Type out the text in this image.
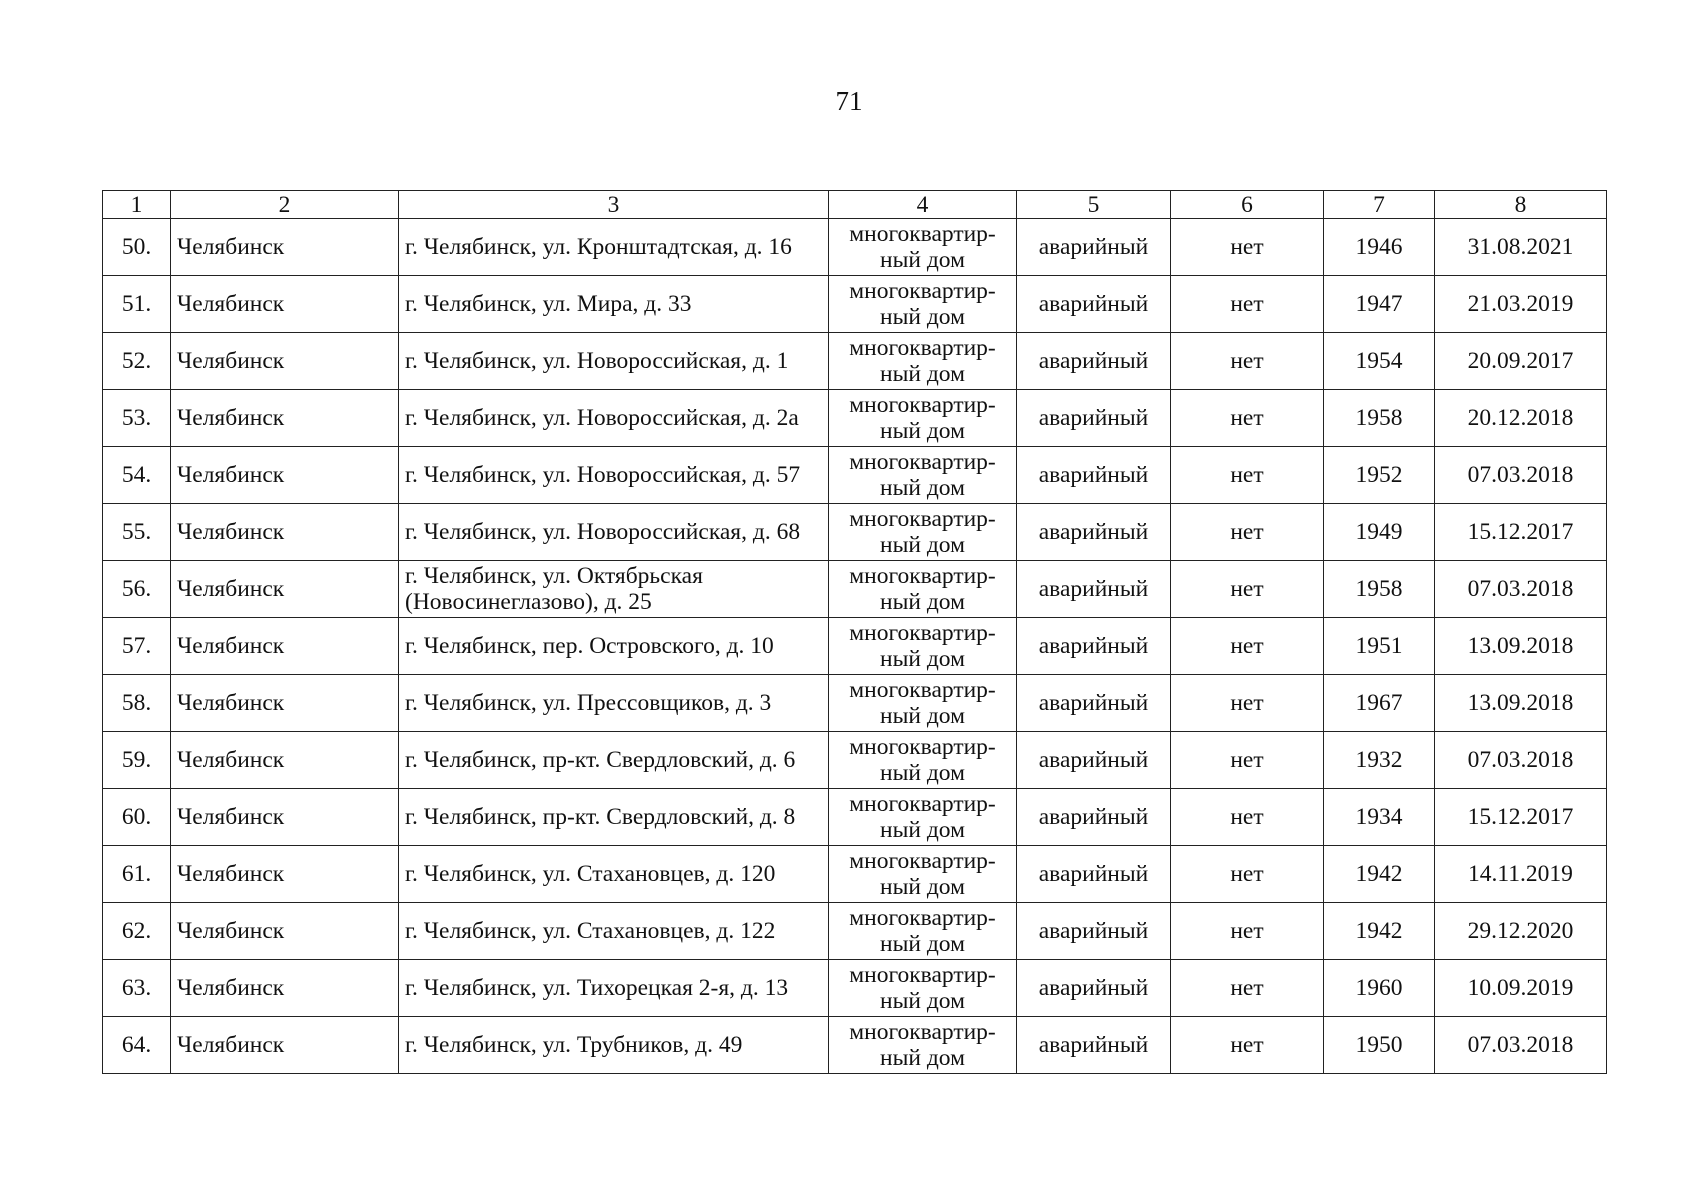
71
1	2	3	4	5	6	7	8
50.	Челябинск	г. Челябинск, ул. Кронштадтская, д. 16	многоквартир-
ный дом	аварийный	нет	1946	31.08.2021
51.	Челябинск	г. Челябинск, ул. Мира, д. 33	многоквартир-
ный дом	аварийный	нет	1947	21.03.2019
52.	Челябинск	г. Челябинск, ул. Новороссийская, д. 1	многоквартир-
ный дом	аварийный	нет	1954	20.09.2017
53.	Челябинск	г. Челябинск, ул. Новороссийская, д. 2а	многоквартир-
ный дом	аварийный	нет	1958	20.12.2018
54.	Челябинск	г. Челябинск, ул. Новороссийская, д. 57	многоквартир-
ный дом	аварийный	нет	1952	07.03.2018
55.	Челябинск	г. Челябинск, ул. Новороссийская, д. 68	многоквартир-
ный дом	аварийный	нет	1949	15.12.2017
56.	Челябинск	г. Челябинск, ул. Октябрьская (Новосинеглазово), д. 25	многоквартир-
ный дом	аварийный	нет	1958	07.03.2018
57.	Челябинск	г. Челябинск, пер. Островского, д. 10	многоквартир-
ный дом	аварийный	нет	1951	13.09.2018
58.	Челябинск	г. Челябинск, ул. Прессовщиков, д. 3	многоквартир-
ный дом	аварийный	нет	1967	13.09.2018
59.	Челябинск	г. Челябинск, пр-кт. Свердловский, д. 6	многоквартир-
ный дом	аварийный	нет	1932	07.03.2018
60.	Челябинск	г. Челябинск, пр-кт. Свердловский, д. 8	многоквартир-
ный дом	аварийный	нет	1934	15.12.2017
61.	Челябинск	г. Челябинск, ул. Стахановцев, д. 120	многоквартир-
ный дом	аварийный	нет	1942	14.11.2019
62.	Челябинск	г. Челябинск, ул. Стахановцев, д. 122	многоквартир-
ный дом	аварийный	нет	1942	29.12.2020
63.	Челябинск	г. Челябинск, ул. Тихорецкая 2-я, д. 13	многоквартир-
ный дом	аварийный	нет	1960	10.09.2019
64.	Челябинск	г. Челябинск, ул. Трубников, д. 49	многоквартир-
ный дом	аварийный	нет	1950	07.03.2018
